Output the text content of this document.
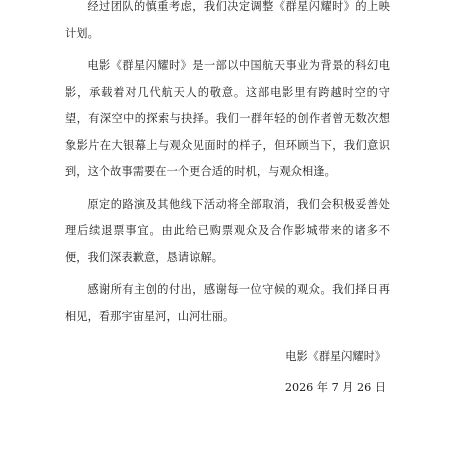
经过团队的慎重考虑，我们决定调整《群星闪耀时》的上映计划。

电影《群星闪耀时》是一部以中国航天事业为背景的科幻电影，承载着对几代航天人的敬意。这部电影里有跨越时空的守望，有深空中的探索与抉择。我们一群年轻的创作者曾无数次想象影片在大银幕上与观众见面时的样子，但环顾当下，我们意识到，这个故事需要在一个更合适的时机，与观众相逢。

原定的路演及其他线下活动将全部取消，我们会积极妥善处理后续退票事宜。由此给已购票观众及合作影城带来的诸多不便，我们深表歉意，恳请谅解。

感谢所有主创的付出，感谢每一位守候的观众。我们择日再相见，看那宇宙星河，山河壮丽。

电影《群星闪耀时》
2026 年 7 月 26 日
